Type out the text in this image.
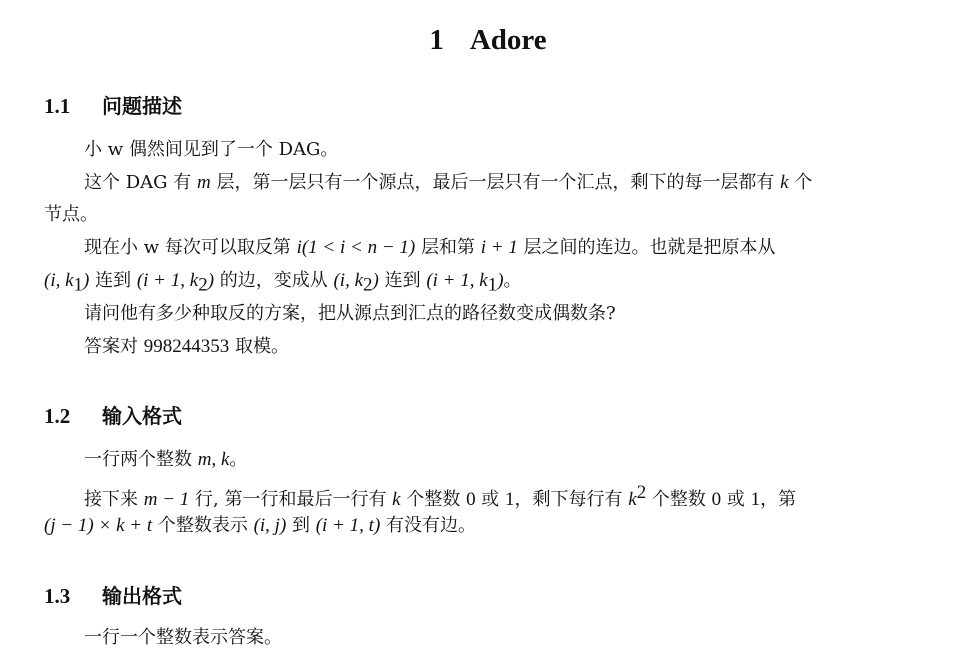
1 Adore
1.1 问题描述
小 w 偶然间见到了一个 DAG。
这个 DAG 有 m 层，第一层只有一个源点，最后一层只有一个汇点，剩下的每一层都有 k 个
节点。
现在小 w 每次可以取反第 i(1 < i < n − 1) 层和第 i + 1 层之间的连边。也就是把原本从
(i, $k_1$) 连到 (i + 1, $k_2$) 的边，变成从 (i, $k_2$) 连到 (i + 1, $k_1$)。
请问他有多少种取反的方案，把从源点到汇点的路径数变成偶数条?
答案对 998244353 取模。
1.2 输入格式
一行两个整数 m, k。
接下来 m − 1 行, 第一行和最后一行有 k 个整数 0 或 1，剩下每行有 $k^2$ 个整数 0 或 1，第
(j − 1) × k + t 个整数表示 (i, j) 到 (i + 1, t) 有没有边。
1.3 输出格式
一行一个整数表示答案。
